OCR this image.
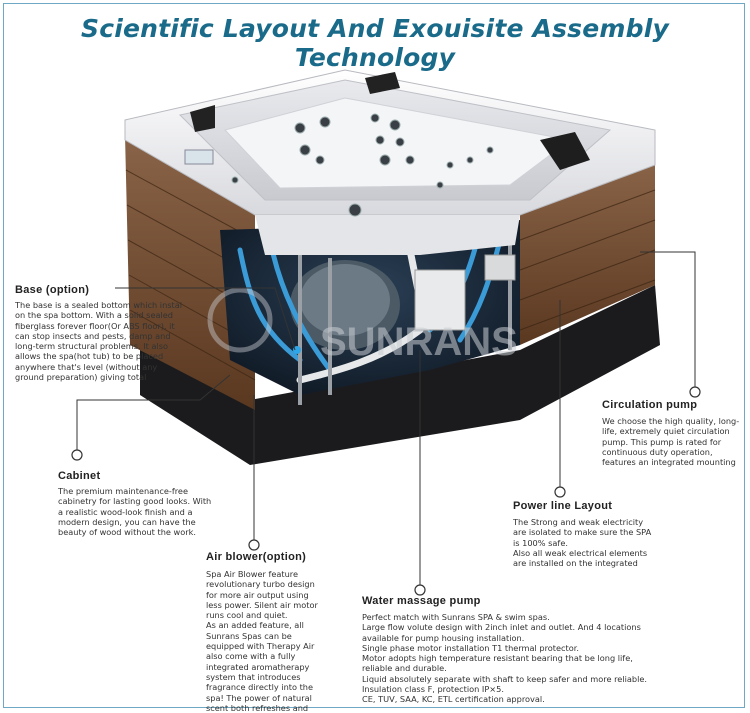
Scientific Layout And Exouisite Assembly Technology
SUNRANS
Base (option)
The base is a sealed bottom which instal
on the spa bottom. With a solid sealed
fiberglass forever floor(Or ABS floor), it
can stop insects and pests, damp and
long-term structural problems. It also
allows the spa(hot tub) to be placed
anywhere that's level (without any
ground preparation) giving total
Circulation pump
We choose the high quality, long-
life, extremely quiet circulation
pump. This pump is rated for
continuous duty operation,
features an integrated mounting
Cabinet
The premium maintenance-free
cabinetry for lasting good looks. With
a realistic wood-look finish and a
modern design, you can have the
beauty of wood without the work.
Power line Layout
The Strong and weak electricity
are isolated to make sure the SPA
is 100% safe.
Also all weak electrical elements
are installed on the integrated
Air blower(option)
Spa Air Blower feature
revolutionary turbo design
for more air output using
less power. Silent air motor
runs cool and quiet.
As an added feature, all
Sunrans Spas can be
equipped with Therapy Air
also come with a fully
integrated aromatherapy
system that introduces
fragrance directly into the
spa! The power of natural
scent both refreshes and
Water massage pump
Perfect match with Sunrans SPA & swim spas.
Large flow volute design with 2inch inlet and outlet. And 4 locations
available for pump housing installation.
Single phase motor installation T1 thermal protector.
Motor adopts high temperature resistant bearing that be long life,
reliable and durable.
Liquid absolutely separate with shaft to keep safer and more reliable.
Insulation class F, protection IP×5.
CE, TUV, SAA, KC, ETL certification approval.
